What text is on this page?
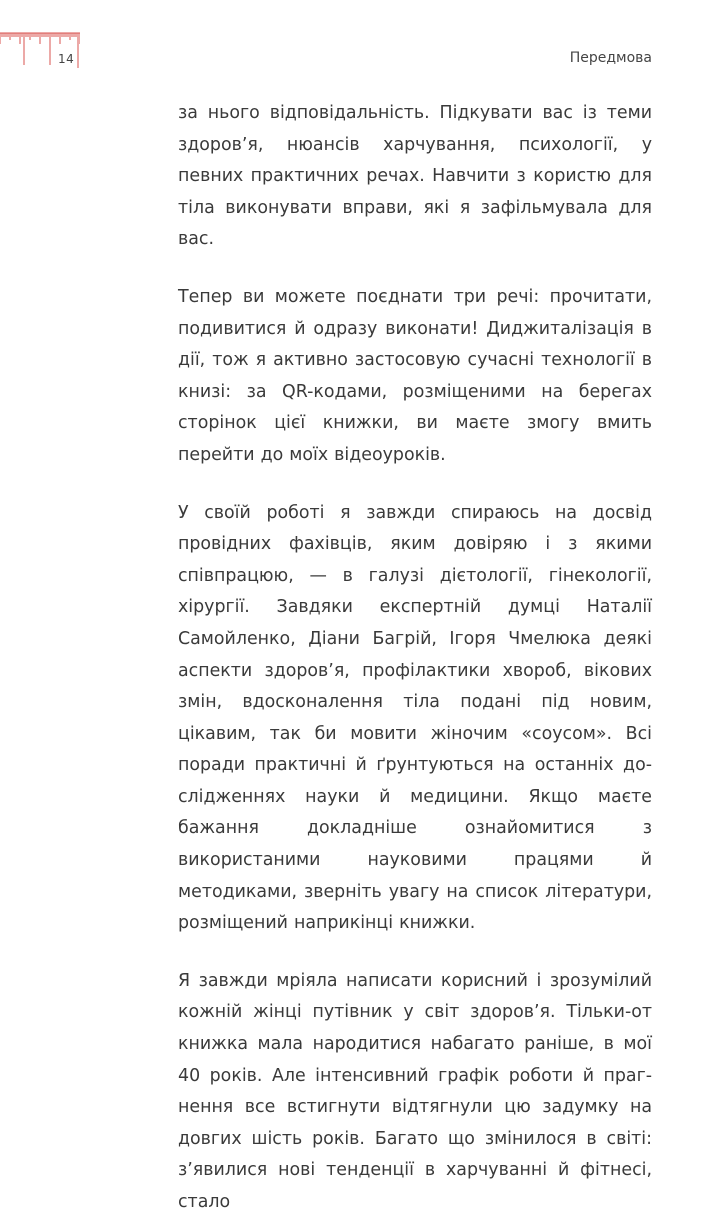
14	Передмова

за нього відповідальність. Підкувати вас із теми здоров’я, нюансів харчування, психології, у певних практичних речах. Навчити з користю для тіла виконувати вправи, які я зафільмувала для вас.

Тепер ви можете поєднати три речі: прочитати, подивитися й одразу виконати! Диджиталізація в дії, тож я активно застосовую сучасні технології в книзі: за QR-кодами, розміщеними на берегах сторінок цієї книжки, ви маєте змогу вмить перейти до моїх відеоуроків.

У своїй роботі я завжди спираюсь на досвід провідних фахівців, яким довіряю і з якими співпрацюю, — в галузі дієтології, гінекології, хірургії. Завдяки експертній думці Наталії Самойленко, Діани Багрій, Ігоря Чмелюка деякі аспекти здоров’я, профілактики хвороб, вікових змін, вдосконалення тіла подані під новим, цікавим, так би мовити жіночим «соусом». Всі поради практичні й ґрунтуються на останніх дослідженнях науки й медицини. Якщо маєте бажання докладніше ознайомитися з використаними науковими працями й методиками, зверніть увагу на список літератури, розміщений наприкінці книжки.

Я завжди мріяла написати корисний і зрозумілий кожній жінці путівник у світ здоров’я. Тільки-от книжка мала народитися набагато раніше, в мої 40 років. Але інтенсивний графік роботи й прагнення все встигнути відтягнули цю задумку на довгих шість років. Багато що змінилося в світі: з’явилися нові тенденції в харчуванні й фітнесі, стало
